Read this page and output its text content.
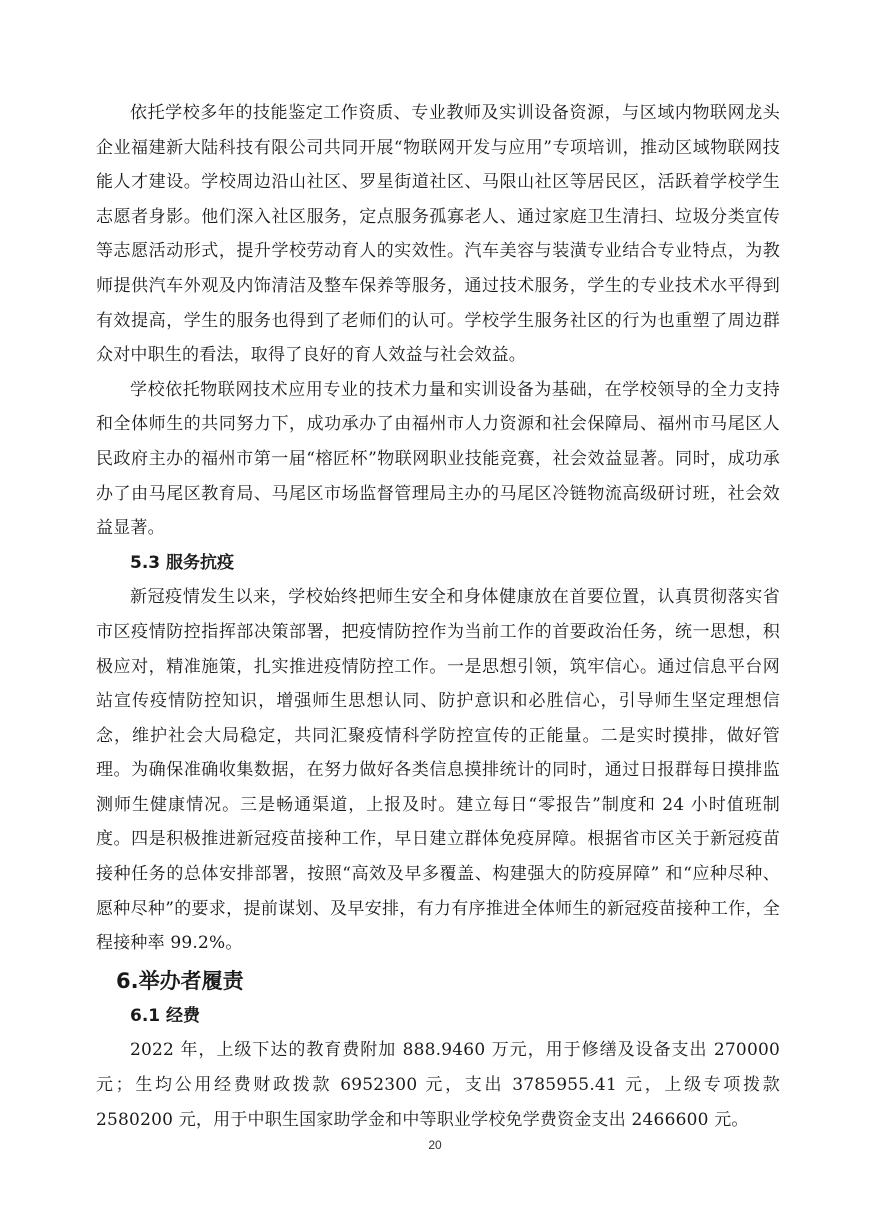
依托学校多年的技能鉴定工作资质、专业教师及实训设备资源，与区域内物联网龙头企业福建新大陆科技有限公司共同开展“物联网开发与应用”专项培训，推动区域物联网技能人才建设。学校周边沿山社区、罗星街道社区、马限山社区等居民区，活跃着学校学生志愿者身影。他们深入社区服务，定点服务孤寡老人、通过家庭卫生清扫、垃圾分类宣传等志愿活动形式，提升学校劳动育人的实效性。汽车美容与装潢专业结合专业特点，为教师提供汽车外观及内饰清洁及整车保养等服务，通过技术服务，学生的专业技术水平得到有效提高，学生的服务也得到了老师们的认可。学校学生服务社区的行为也重塑了周边群众对中职生的看法，取得了良好的育人效益与社会效益。

学校依托物联网技术应用专业的技术力量和实训设备为基础，在学校领导的全力支持和全体师生的共同努力下，成功承办了由福州市人力资源和社会保障局、福州市马尾区人民政府主办的福州市第一届“榕匠杯”物联网职业技能竞赛，社会效益显著。同时，成功承办了由马尾区教育局、马尾区市场监督管理局主办的马尾区冷链物流高级研讨班，社会效益显著。

5.3 服务抗疫

新冠疫情发生以来，学校始终把师生安全和身体健康放在首要位置，认真贯彻落实省市区疫情防控指挥部决策部署，把疫情防控作为当前工作的首要政治任务，统一思想，积极应对，精准施策，扎实推进疫情防控工作。一是思想引领，筑牢信心。通过信息平台网站宣传疫情防控知识，增强师生思想认同、防护意识和必胜信心，引导师生坚定理想信念，维护社会大局稳定，共同汇聚疫情科学防控宣传的正能量。二是实时摸排，做好管理。为确保准确收集数据，在努力做好各类信息摸排统计的同时，通过日报群每日摸排监测师生健康情况。三是畅通渠道，上报及时。建立每日“零报告”制度和 24 小时值班制度。四是积极推进新冠疫苗接种工作，早日建立群体免疫屏障。根据省市区关于新冠疫苗接种任务的总体安排部署，按照“高效及早多覆盖、构建强大的防疫屏障” 和“应种尽种、 愿种尽种”的要求，提前谋划、及早安排，有力有序推进全体师生的新冠疫苗接种工作，全程接种率 99.2%。

6.举办者履责
6.1 经费

2022 年，上级下达的教育费附加 888.9460 万元，用于修缮及设备支出 270000 元；生均公用经费财政拨款 6952300 元，支出 3785955.41 元，上级专项拨款 2580200 元，用于中职生国家助学金和中等职业学校免学费资金支出 2466600 元。

20
